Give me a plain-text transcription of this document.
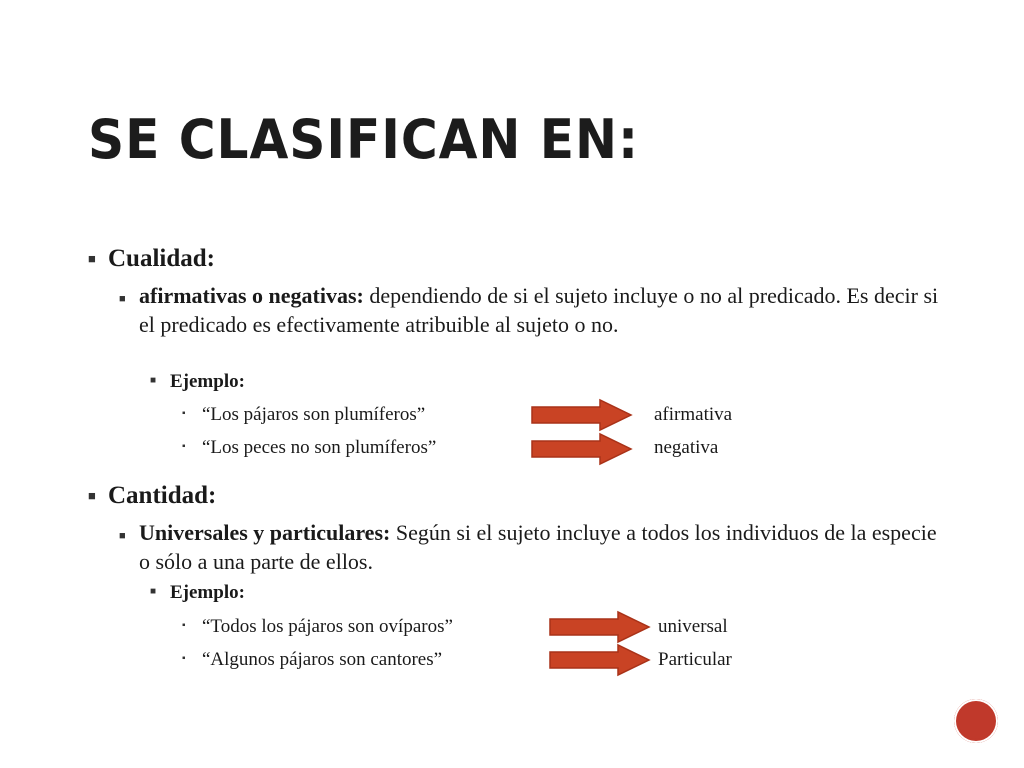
SE CLASIFICAN EN:
■ Cualidad:
■ afirmativas o negativas: dependiendo de si el sujeto incluye o no al predicado. Es decir si el predicado es efectivamente atribuible al sujeto o no.
■ Ejemplo:
▪ “Los pájaros son plumíferos”	afirmativa
▪ “Los peces no son plumíferos”	negativa
■ Cantidad:
■ Universales y particulares: Según si el sujeto incluye a todos los individuos de la especie o sólo a una parte de ellos.
■ Ejemplo:
▪ “Todos los pájaros son ovíparos”	universal
▪ “Algunos pájaros son cantores”	Particular
